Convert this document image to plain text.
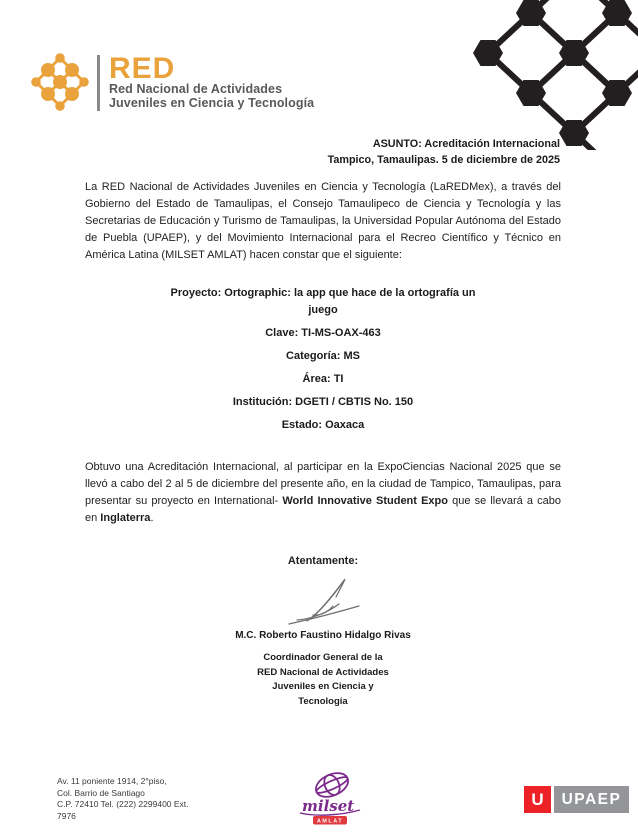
RED
Red Nacional de Actividades
Juveniles en Ciencia y Tecnología
ASUNTO: Acreditación Internacional
Tampico, Tamaulipas. 5 de diciembre de 2025

La RED Nacional de Actividades Juveniles en Ciencia y Tecnología (LaREDMex), a través del Gobierno del Estado de Tamaulipas, el Consejo Tamaulipeco de Ciencia y Tecnología y las Secretarias de Educación y Turismo de Tamaulipas, la Universidad Popular Autónoma del Estado de Puebla (UPAEP), y del Movimiento Internacional para el Recreo Científico y Técnico en América Latina (MILSET AMLAT) hacen constar que el siguiente:

Proyecto: Ortographic: la app que hace de la ortografía un juego
Clave: TI-MS-OAX-463
Categoría: MS
Área: TI
Institución: DGETI / CBTIS No. 150
Estado: Oaxaca

Obtuvo una Acreditación Internacional, al participar en la ExpoCiencias Nacional 2025 que se llevó a cabo del 2 al 5 de diciembre del presente año, en la ciudad de Tampico, Tamaulipas, para presentar su proyecto en International- World Innovative Student Expo que se llevará a cabo en Inglaterra.

Atentamente:
M.C. Roberto Faustino Hidalgo Rivas
Coordinador General de la
RED Nacional de Actividades
Juveniles en Ciencia y
Tecnología
Av. 11 poniente 1914, 2°piso,
Col. Barrio de Santiago
C.P. 72410 Tel. (222) 2299400 Ext.
7976
milset
AMLAT
U	UPAEP
